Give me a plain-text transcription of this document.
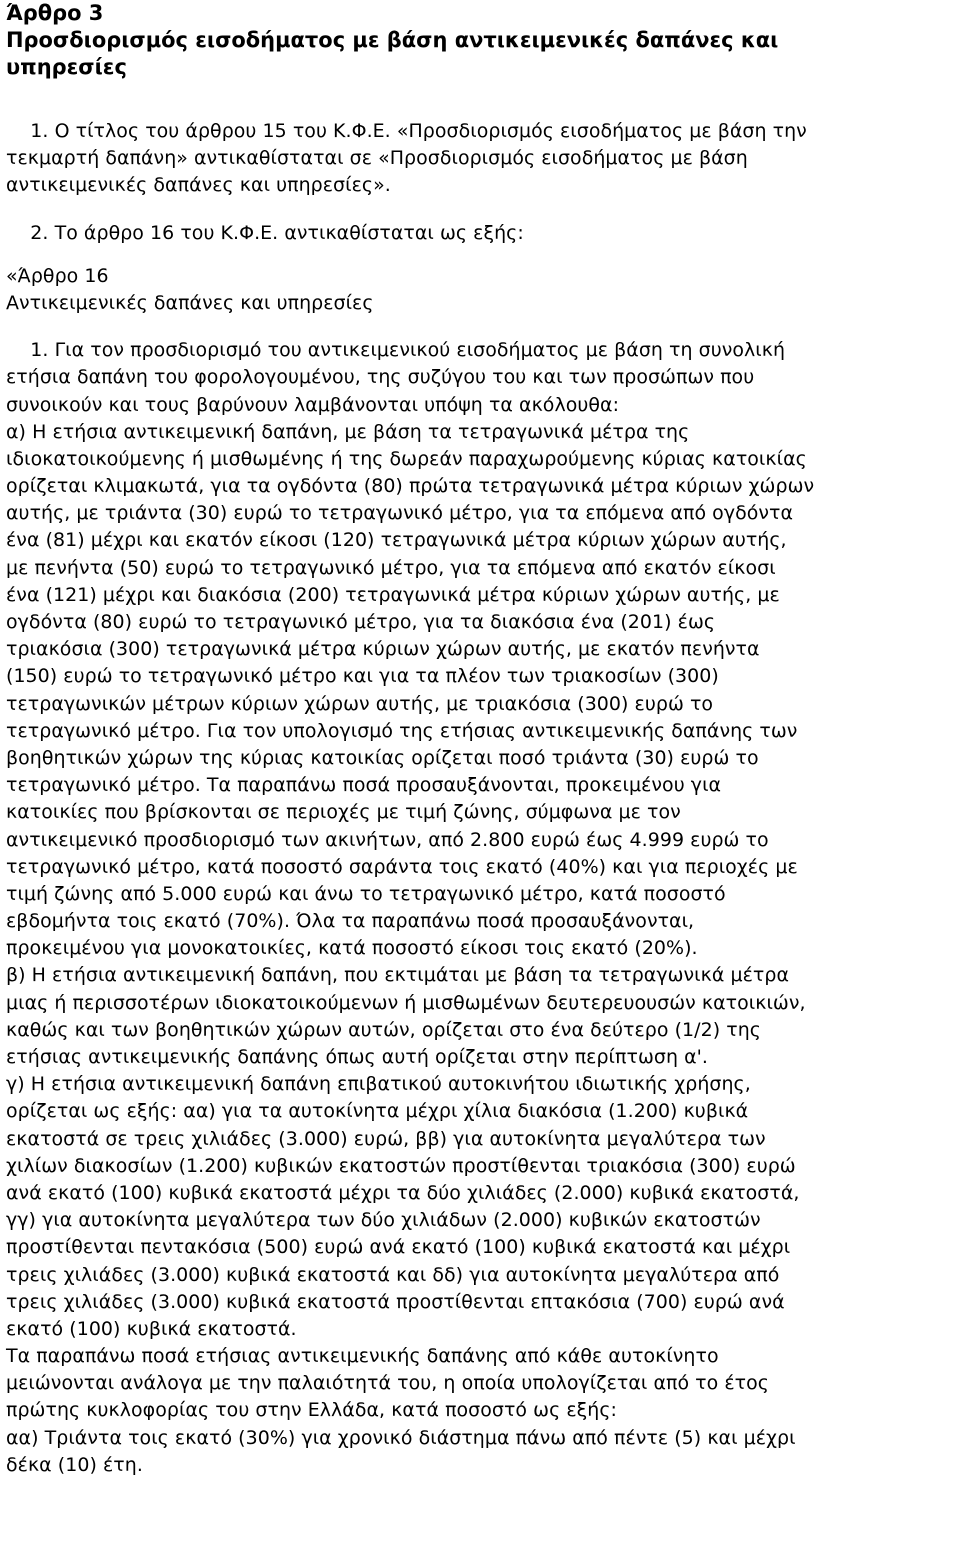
Άρθρο 3
Προσδιορισμός εισοδήματος με βάση αντικειμενικές δαπάνες και
υπηρεσίες
1. Ο τίτλος του άρθρου 15 του Κ.Φ.Ε. «Προσδιορισμός εισοδήματος με βάση την
τεκμαρτή δαπάνη» αντικαθίσταται σε «Προσδιορισμός εισοδήματος με βάση
αντικειμενικές δαπάνες και υπηρεσίες».
2. Το άρθρο 16 του Κ.Φ.Ε. αντικαθίσταται ως εξής:
«Άρθρο 16
Αντικειμενικές δαπάνες και υπηρεσίες
1. Για τον προσδιορισμό του αντικειμενικού εισοδήματος με βάση τη συνολική
ετήσια δαπάνη του φορολογουμένου, της συζύγου του και των προσώπων που
συνοικούν και τους βαρύνουν λαμβάνονται υπόψη τα ακόλουθα:
α) Η ετήσια αντικειμενική δαπάνη, με βάση τα τετραγωνικά μέτρα της
ιδιοκατοικούμενης ή μισθωμένης ή της δωρεάν παραχωρούμενης κύριας κατοικίας
ορίζεται κλιμακωτά, για τα ογδόντα (80) πρώτα τετραγωνικά μέτρα κύριων χώρων
αυτής, με τριάντα (30) ευρώ το τετραγωνικό μέτρο, για τα επόμενα από ογδόντα
ένα (81) μέχρι και εκατόν είκοσι (120) τετραγωνικά μέτρα κύριων χώρων αυτής,
με πενήντα (50) ευρώ το τετραγωνικό μέτρο, για τα επόμενα από εκατόν είκοσι
ένα (121) μέχρι και διακόσια (200) τετραγωνικά μέτρα κύριων χώρων αυτής, με
ογδόντα (80) ευρώ το τετραγωνικό μέτρο, για τα διακόσια ένα (201) έως
τριακόσια (300) τετραγωνικά μέτρα κύριων χώρων αυτής, με εκατόν πενήντα
(150) ευρώ το τετραγωνικό μέτρο και για τα πλέον των τριακοσίων (300)
τετραγωνικών μέτρων κύριων χώρων αυτής, με τριακόσια (300) ευρώ το
τετραγωνικό μέτρο. Για τον υπολογισμό της ετήσιας αντικειμενικής δαπάνης των
βοηθητικών χώρων της κύριας κατοικίας ορίζεται ποσό τριάντα (30) ευρώ το
τετραγωνικό μέτρο. Τα παραπάνω ποσά προσαυξάνονται, προκειμένου για
κατοικίες που βρίσκονται σε περιοχές με τιμή ζώνης, σύμφωνα με τον
αντικειμενικό προσδιορισμό των ακινήτων, από 2.800 ευρώ έως 4.999 ευρώ το
τετραγωνικό μέτρο, κατά ποσοστό σαράντα τοις εκατό (40%) και για περιοχές με
τιμή ζώνης από 5.000 ευρώ και άνω το τετραγωνικό μέτρο, κατά ποσοστό
εβδομήντα τοις εκατό (70%). Όλα τα παραπάνω ποσά προσαυξάνονται,
προκειμένου για μονοκατοικίες, κατά ποσοστό είκοσι τοις εκατό (20%).
β) Η ετήσια αντικειμενική δαπάνη, που εκτιμάται με βάση τα τετραγωνικά μέτρα
μιας ή περισσοτέρων ιδιοκατοικούμενων ή μισθωμένων δευτερευουσών κατοικιών,
καθώς και των βοηθητικών χώρων αυτών, ορίζεται στο ένα δεύτερο (1/2) της
ετήσιας αντικειμενικής δαπάνης όπως αυτή ορίζεται στην περίπτωση α'.
γ) Η ετήσια αντικειμενική δαπάνη επιβατικού αυτοκινήτου ιδιωτικής χρήσης,
ορίζεται ως εξής: αα) για τα αυτοκίνητα μέχρι χίλια διακόσια (1.200) κυβικά
εκατοστά σε τρεις χιλιάδες (3.000) ευρώ, ββ) για αυτοκίνητα μεγαλύτερα των
χιλίων διακοσίων (1.200) κυβικών εκατοστών προστίθενται τριακόσια (300) ευρώ
ανά εκατό (100) κυβικά εκατοστά μέχρι τα δύο χιλιάδες (2.000) κυβικά εκατοστά,
γγ) για αυτοκίνητα μεγαλύτερα των δύο χιλιάδων (2.000) κυβικών εκατοστών
προστίθενται πεντακόσια (500) ευρώ ανά εκατό (100) κυβικά εκατοστά και μέχρι
τρεις χιλιάδες (3.000) κυβικά εκατοστά και δδ) για αυτοκίνητα μεγαλύτερα από
τρεις χιλιάδες (3.000) κυβικά εκατοστά προστίθενται επτακόσια (700) ευρώ ανά
εκατό (100) κυβικά εκατοστά.
Τα παραπάνω ποσά ετήσιας αντικειμενικής δαπάνης από κάθε αυτοκίνητο
μειώνονται ανάλογα με την παλαιότητά του, η οποία υπολογίζεται από το έτος
πρώτης κυκλοφορίας του στην Ελλάδα, κατά ποσοστό ως εξής:
αα) Τριάντα τοις εκατό (30%) για χρονικό διάστημα πάνω από πέντε (5) και μέχρι
δέκα (10) έτη.
